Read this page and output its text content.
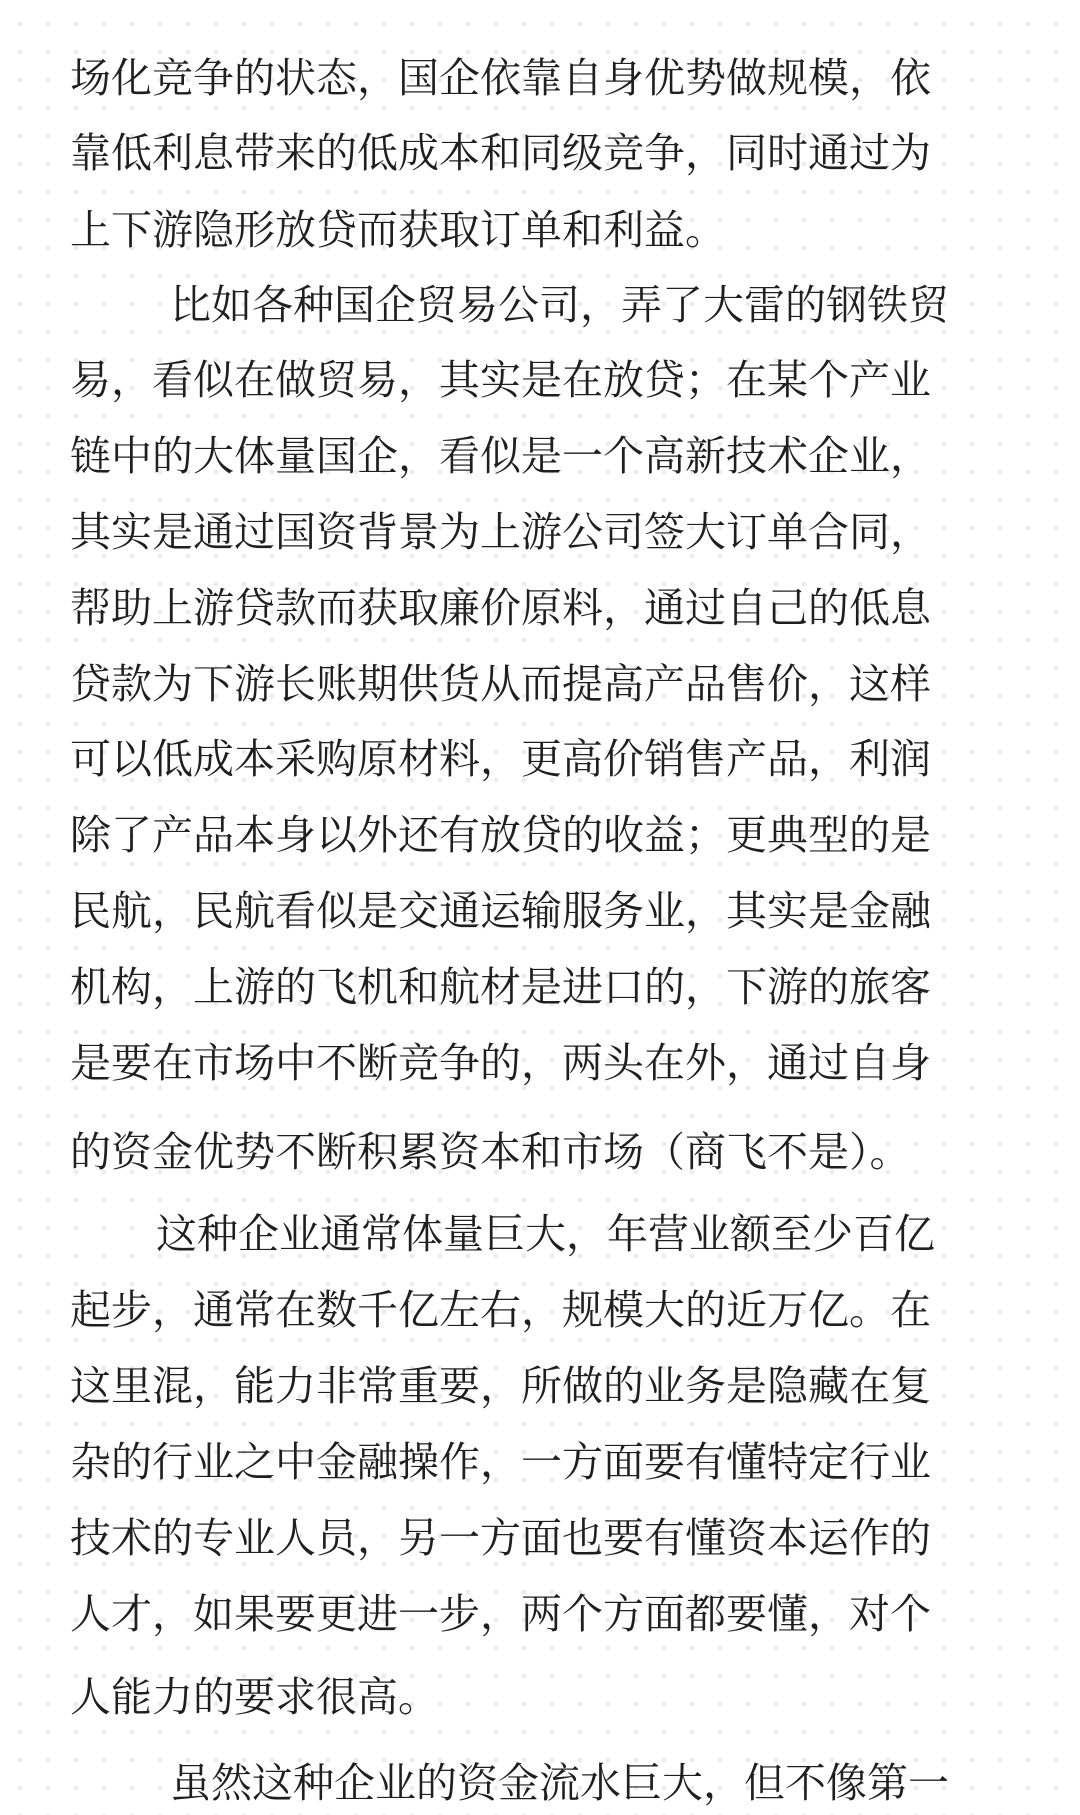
场化竞争的状态，国企依靠自身优势做规模，依
靠低利息带来的低成本和同级竞争，同时通过为
上下游隐形放贷而获取订单和利益。
比如各种国企贸易公司，弄了大雷的钢铁贸
易，看似在做贸易，其实是在放贷；在某个产业
链中的大体量国企，看似是一个高新技术企业，
其实是通过国资背景为上游公司签大订单合同，
帮助上游贷款而获取廉价原料，通过自己的低息
贷款为下游长账期供货从而提高产品售价，这样
可以低成本采购原材料，更高价销售产品，利润
除了产品本身以外还有放贷的收益；更典型的是
民航，民航看似是交通运输服务业，其实是金融
机构，上游的飞机和航材是进口的，下游的旅客
是要在市场中不断竞争的，两头在外，通过自身
的资金优势不断积累资本和市场（商飞不是）。
这种企业通常体量巨大，年营业额至少百亿
起步，通常在数千亿左右，规模大的近万亿。在
这里混，能力非常重要，所做的业务是隐藏在复
杂的行业之中金融操作，一方面要有懂特定行业
技术的专业人员，另一方面也要有懂资本运作的
人才，如果要更进一步，两个方面都要懂，对个
人能力的要求很高。
虽然这种企业的资金流水巨大，但不像第一
